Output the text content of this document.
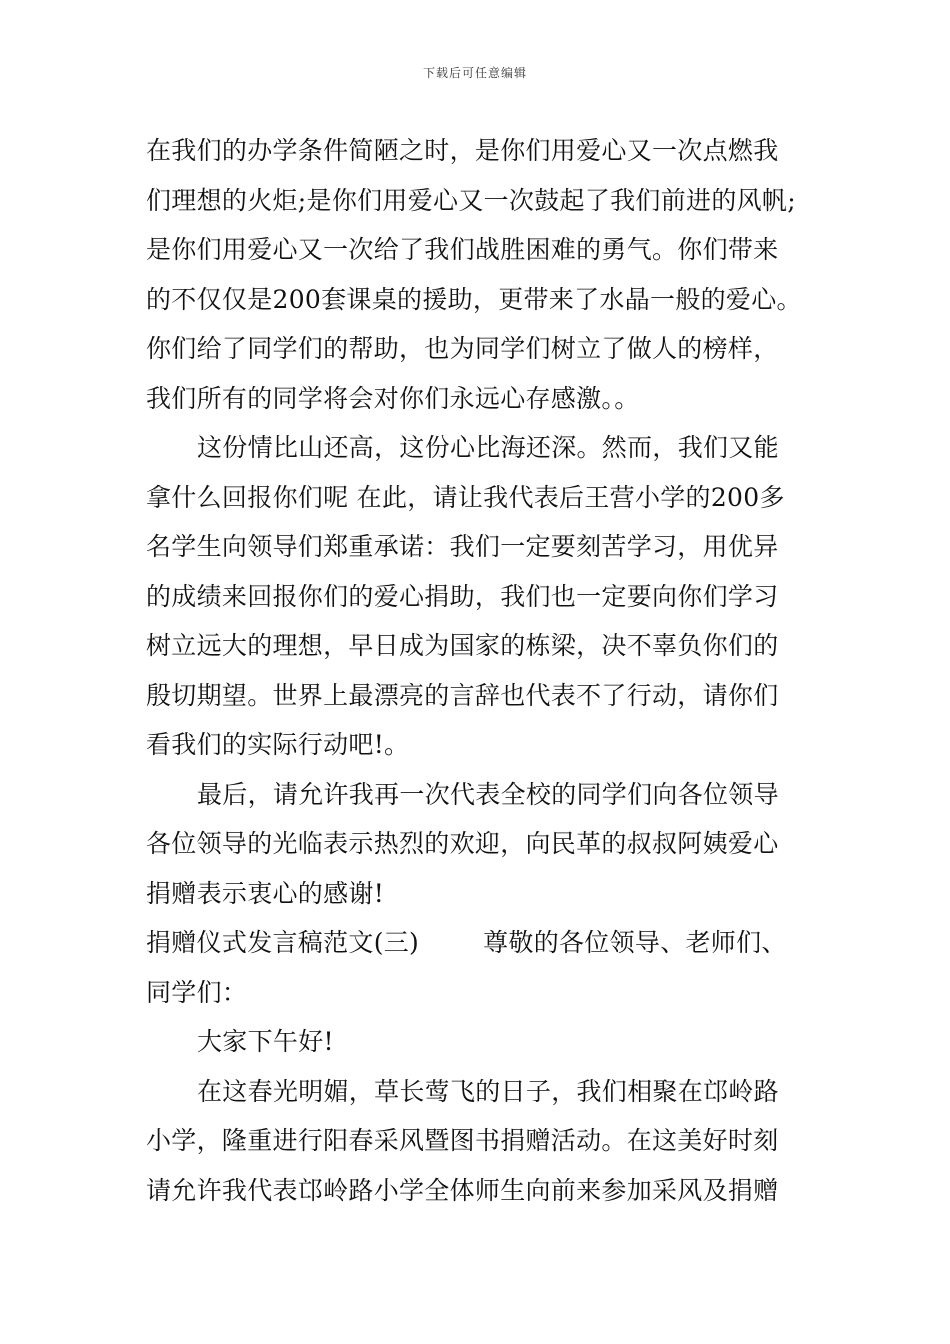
下载后可任意编辑
在我们的办学条件简陋之时，是你们用爱心又一次点燃我
们理想的火炬;是你们用爱心又一次鼓起了我们前进的风帆;
是你们用爱心又一次给了我们战胜困难的勇气。你们带来
的不仅仅是200套课桌的援助，更带来了水晶一般的爱心。
你们给了同学们的帮助，也为同学们树立了做人的榜样，
我们所有的同学将会对你们永远心存感激。。
这份情比山还高，这份心比海还深。然而，我们又能
拿什么回报你们呢 在此，请让我代表后王营小学的200多
名学生向领导们郑重承诺：我们一定要刻苦学习，用优异
的成绩来回报你们的爱心捐助，我们也一定要向你们学习
树立远大的理想，早日成为国家的栋梁，决不辜负你们的
殷切期望。世界上最漂亮的言辞也代表不了行动，请你们
看我们的实际行动吧!。
最后，请允许我再一次代表全校的同学们向各位领导
各位领导的光临表示热烈的欢迎，向民革的叔叔阿姨爱心
捐赠表示衷心的感谢!
捐赠仪式发言稿范文(三)	尊敬的各位领导、老师们、
同学们：
大家下午好!
在这春光明媚，草长莺飞的日子，我们相聚在邙岭路
小学，隆重进行阳春采风暨图书捐赠活动。在这美好时刻
请允许我代表邙岭路小学全体师生向前来参加采风及捐赠
